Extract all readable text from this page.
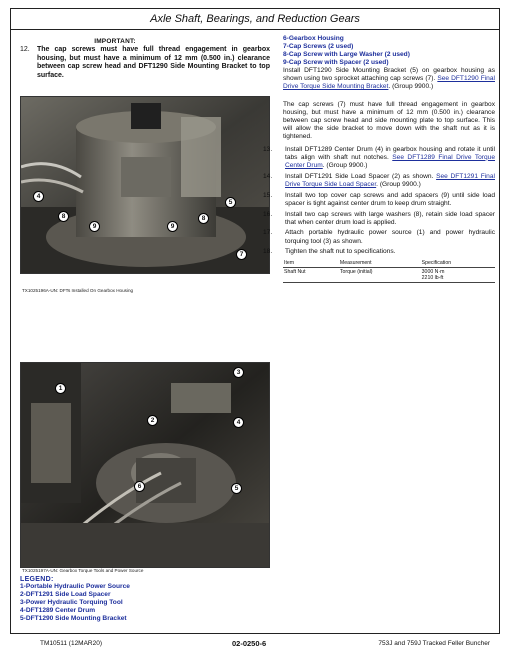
Axle Shaft, Bearings, and Reduction Gears
IMPORTANT:
12.	The cap screws must have full thread engagement in gearbox housing, but must have a minimum of 12 mm (0.500 in.) clearance between cap screw head and DFT1290 Side Mounting Bracket to top surface.
4
5
8
9	9
8
7
TX1025196A-UN: DFTs Installed On Gearbox Housing
1
3
2	4
6	5
TX1025197A-UN: Gearbox Torque Tools and Power Source
LEGEND:
1-Portable Hydraulic Power Source
2-DFT1291 Side Load Spacer
3-Power Hydraulic Torquing Tool
4-DFT1289 Center Drum
5-DFT1290 Side Mounting Bracket
6-Gearbox Housing
7-Cap Screws (2 used)
8-Cap Screw with Large Washer (2 used)
9-Cap Screw with Spacer (2 used)

Install DFT1290 Side Mounting Bracket (5) on gearbox housing as shown using two sprocket attaching cap screws (7). See DFT1290 Final Drive Torque Side Mounting Bracket. (Group 9900.)

The cap screws (7) must have full thread engagement in gearbox housing, but must have a minimum of 12 mm (0.500 in.) clearance between cap screw head and side mounting plate to top surface. This will allow the side bracket to move down with the shaft nut as it is tightened.

13.	Install DFT1289 Center Drum (4) in gearbox housing and rotate it until tabs align with shaft nut notches. See DFT1289 Final Drive Torque Center Drum. (Group 9900.)
14.	Install DFT1291 Side Load Spacer (2) as shown. See DFT1291 Final Drive Torque Side Load Spacer. (Group 9900.)
15.	Install two top cover cap screws and add spacers (9) until side load spacer is tight against center drum to keep drum straight.
16.	Install two cap screws with large washers (8), retain side load spacer that when center drum load is applied.
17.	Attach portable hydraulic power source (1) and power hydraulic torquing tool (3) as shown.
18.	Tighten the shaft nut to specifications.
Item	Measurement	Specification
Shaft Nut	Torque (initial)	3000 N·m
2210 lb-ft
TM10511 (12MAR20)	02-0250-6	753J and 759J Tracked Feller Buncher
